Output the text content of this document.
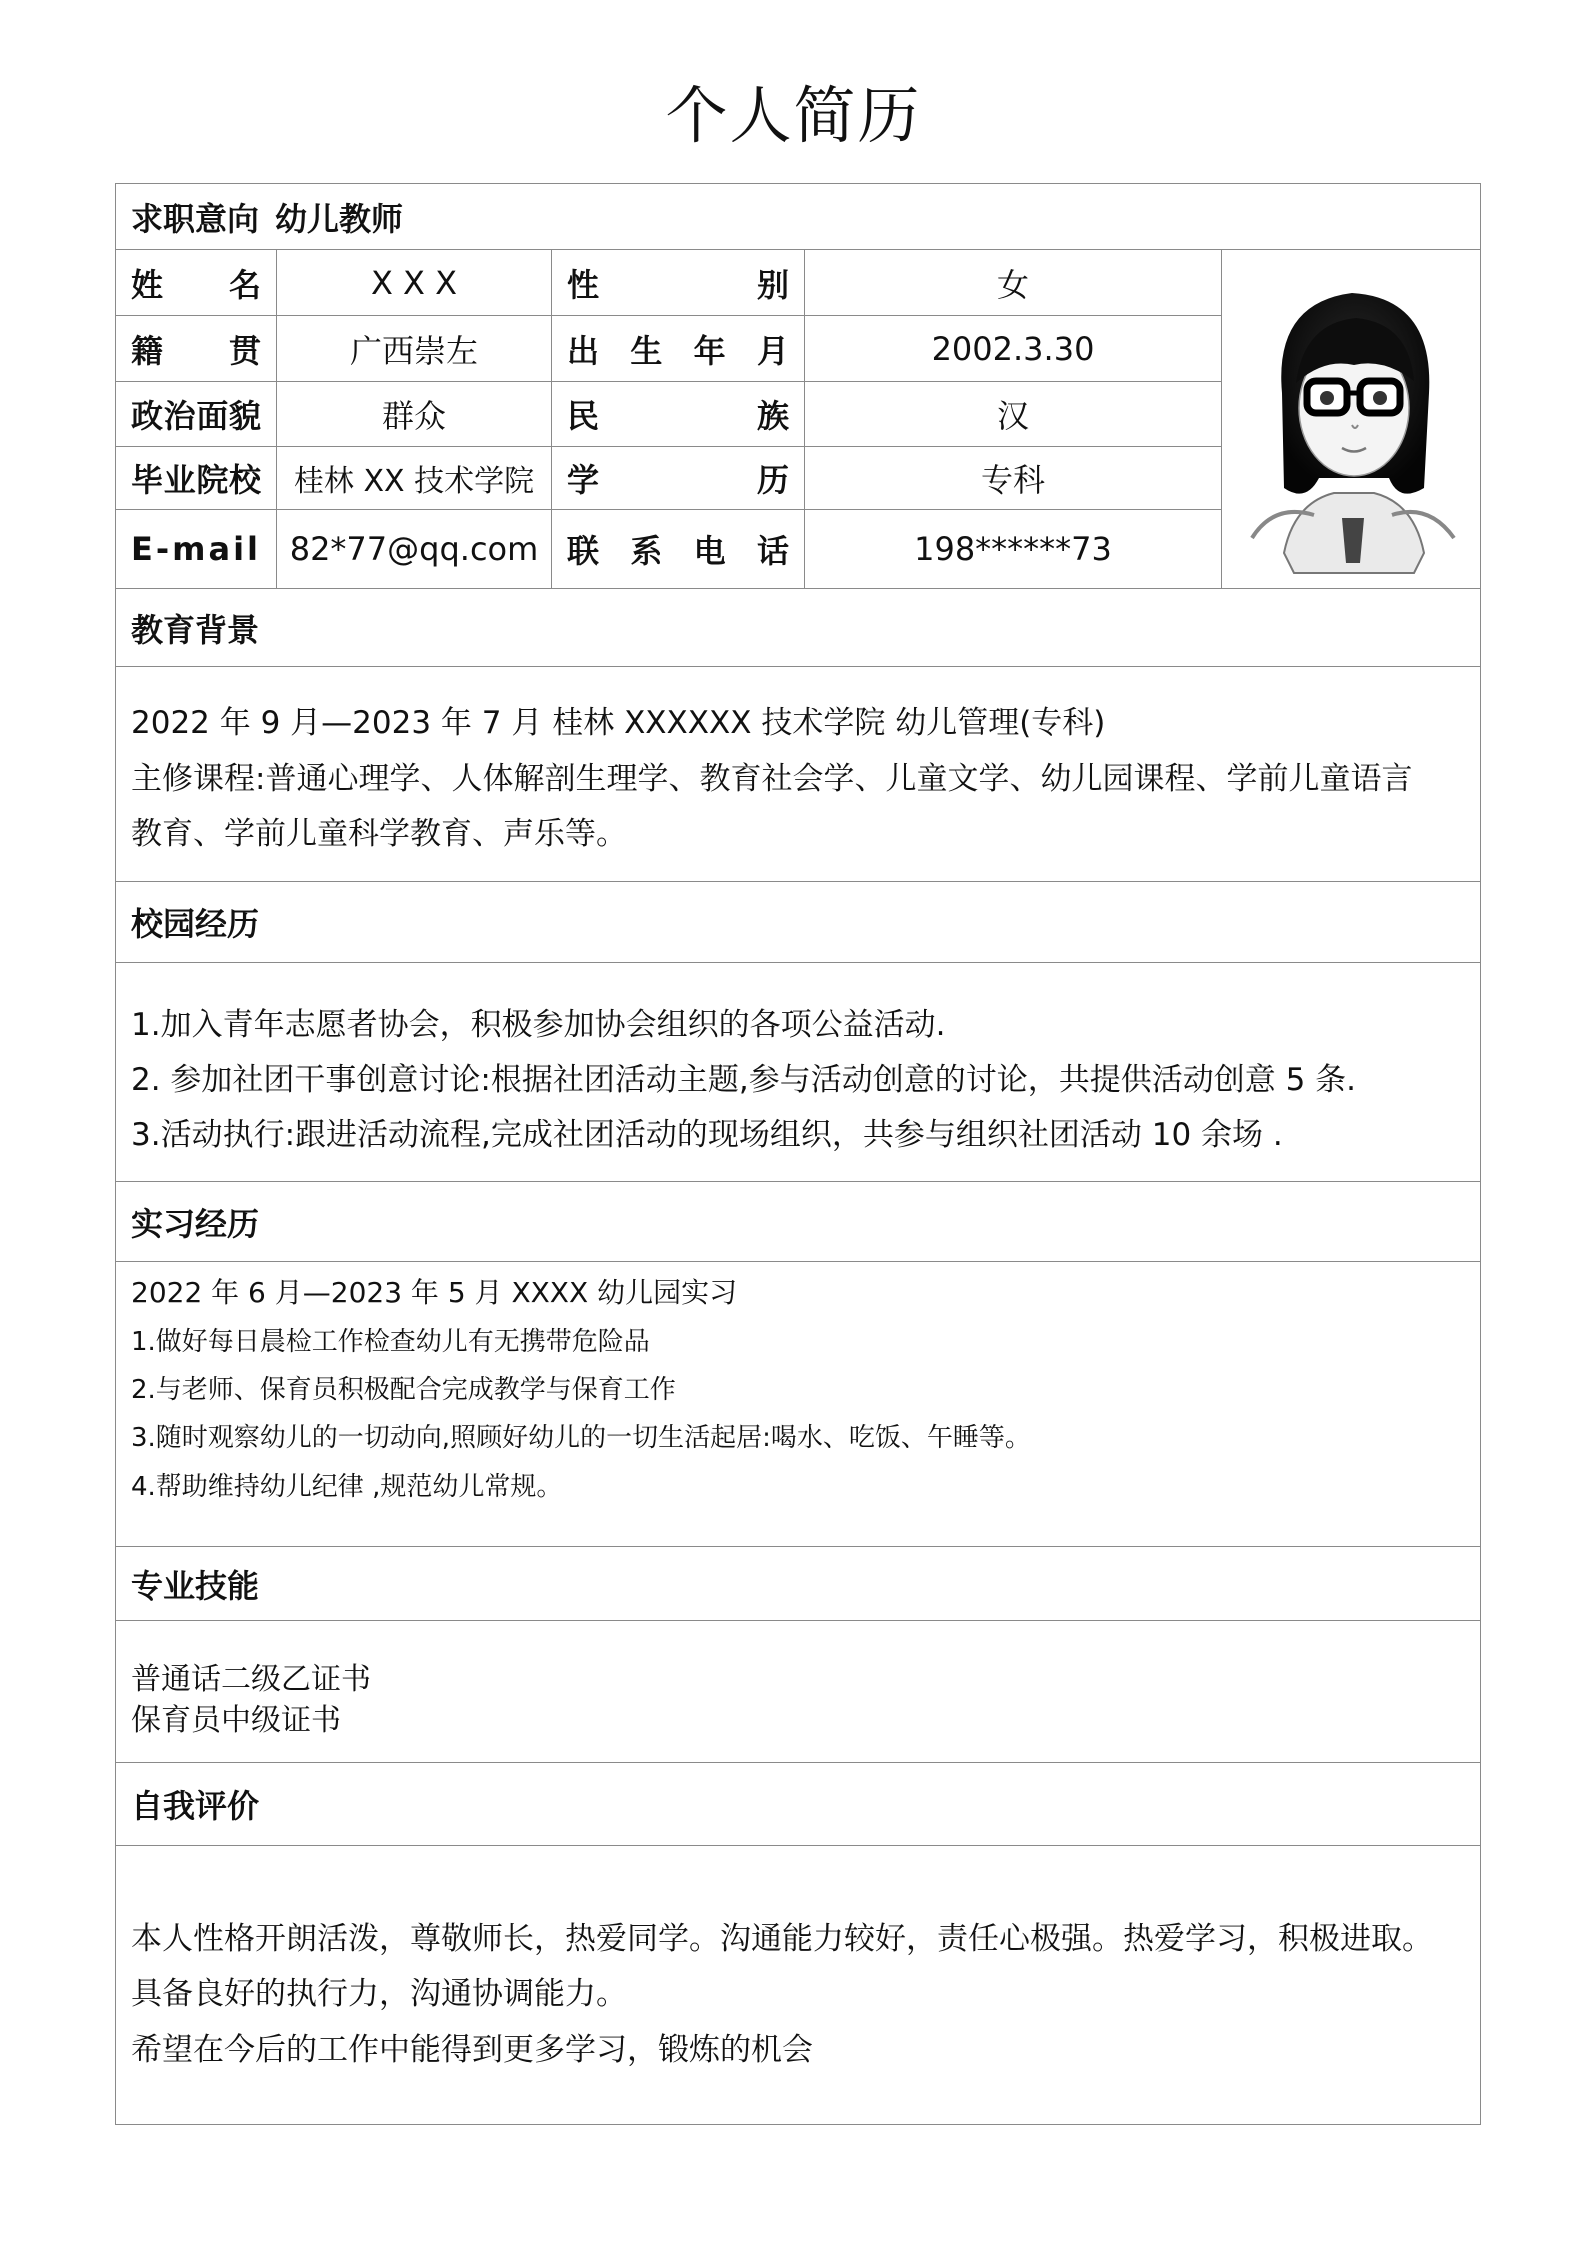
个人简历
求职意向 幼儿教师
姓 名	X X X	性	别	女
籍 贯	广西崇左	出 生 年 月	2002.3.30
政 治 面 貌	群众	民	族	汉
毕 业 院 校	桂林 XX 技术学院	学	历	专科
E-mail 82*77@qq.com 联 系 电 话	198******73
教育背景
2022 年 9 月—2023 年 7 月 桂林 XXXXXX 技术学院 幼儿管理(专科)
主修课程:普通心理学、人体解剖生理学、教育社会学、儿童文学、幼儿园课程、学前儿童语言
教育、学前儿童科学教育、声乐等。
校园经历
1.加入青年志愿者协会，积极参加协会组织的各项公益活动.
2. 参加社团干事创意讨论:根据社团活动主题,参与活动创意的讨论，共提供活动创意 5 条.
3.活动执行:跟进活动流程,完成社团活动的现场组织，共参与组织社团活动 10 余场 .
实习经历
2022 年 6 月—2023 年 5 月 XXXX 幼儿园实习
1.做好每日晨检工作检查幼儿有无携带危险品
2.与老师、保育员积极配合完成教学与保育工作
3.随时观察幼儿的一切动向,照顾好幼儿的一切生活起居:喝水、吃饭、午睡等。
4.帮助维持幼儿纪律 ,规范幼儿常规。
专业技能
普通话二级乙证书
保育员中级证书
自我评价
本人性格开朗活泼，尊敬师长，热爱同学。沟通能力较好，责任心极强。热爱学习，积极进取。
具备良好的执行力，沟通协调能力。
希望在今后的工作中能得到更多学习，锻炼的机会
